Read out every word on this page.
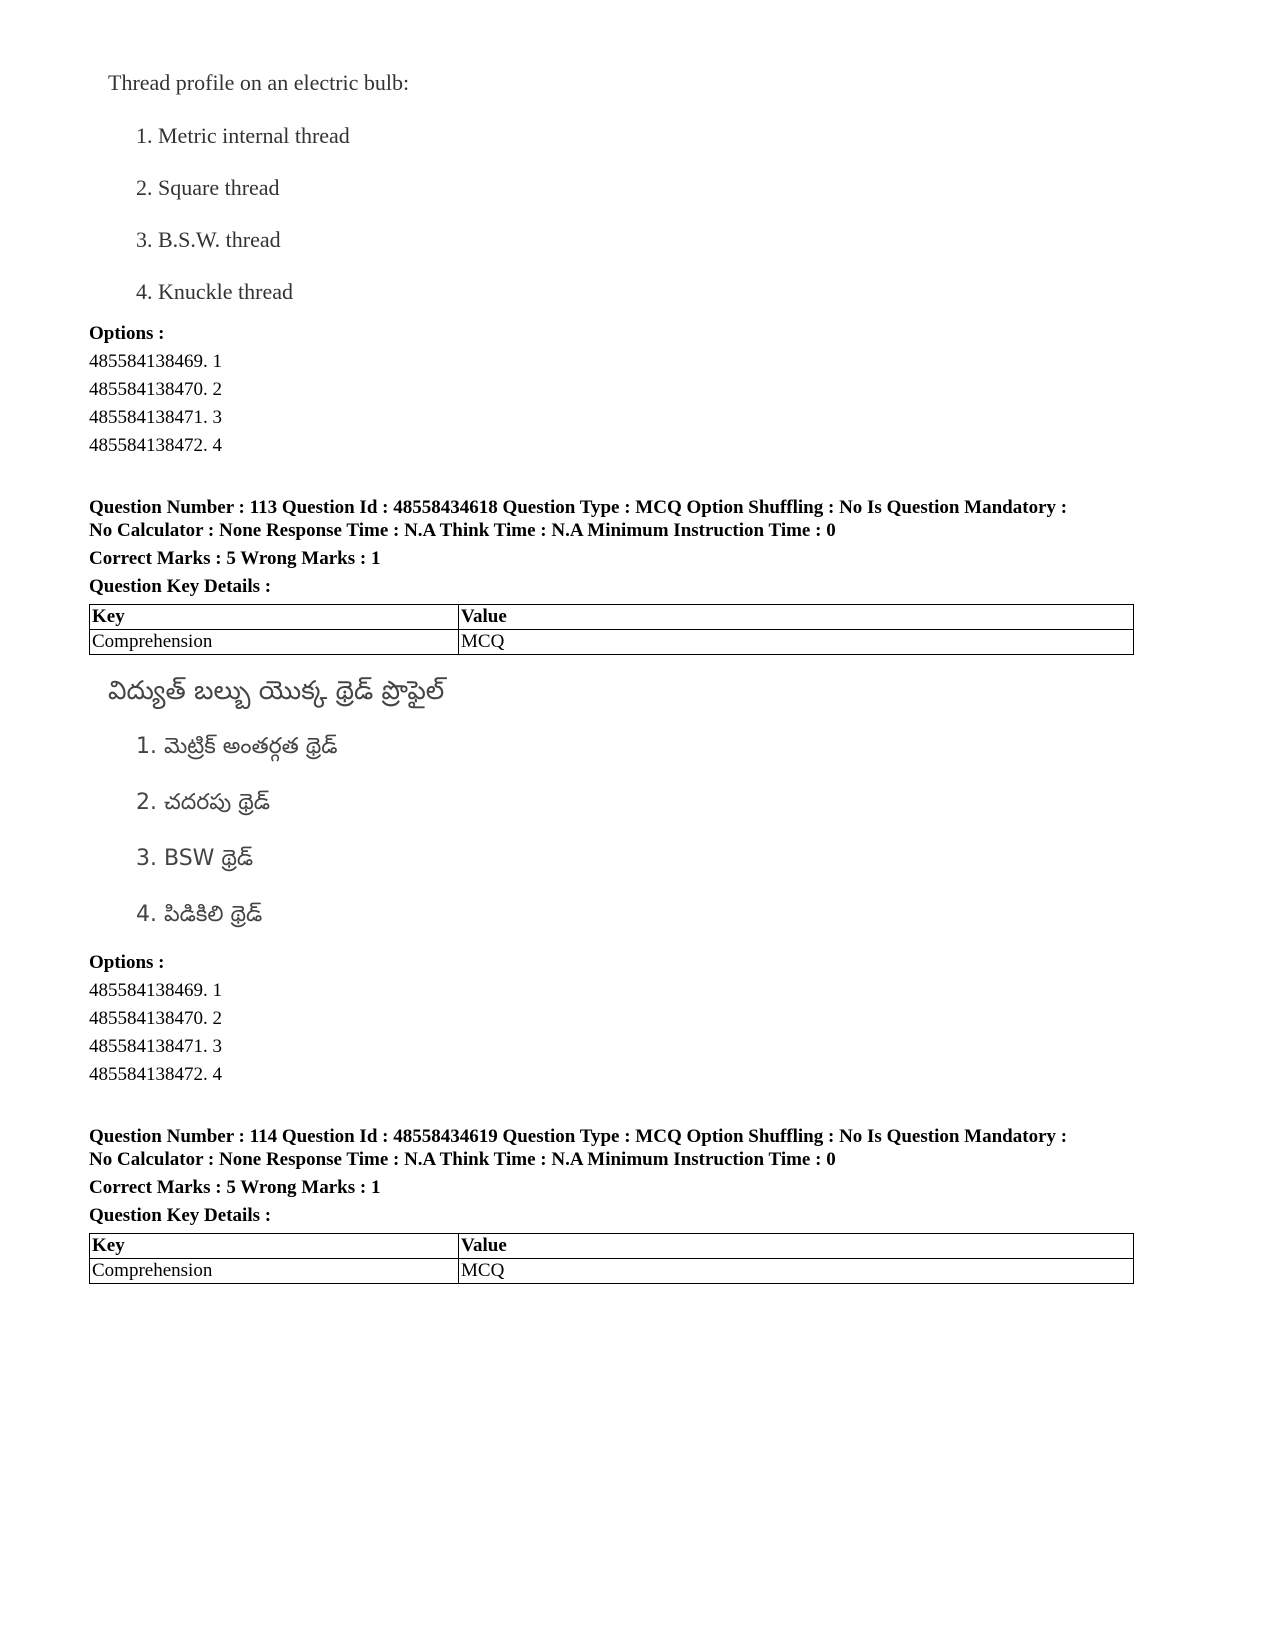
Thread profile on an electric bulb:
1. Metric internal thread
2. Square thread
3. B.S.W. thread
4. Knuckle thread
Options :
485584138469. 1
485584138470. 2
485584138471. 3
485584138472. 4
Question Number : 113 Question Id : 48558434618 Question Type : MCQ Option Shuffling : No Is Question Mandatory :
No Calculator : None Response Time : N.A Think Time : N.A Minimum Instruction Time : 0
Correct Marks : 5 Wrong Marks : 1
Question Key Details :
Key	Value
Comprehension	MCQ
విద్యుత్ బల్బు యొక్క థ్రెడ్ ప్రొఫైల్
1. మెట్రిక్ అంతర్గత థ్రెడ్
2. చదరపు థ్రెడ్
3. BSW థ్రెడ్
4. పిడికిలి థ్రెడ్
Options :
485584138469. 1
485584138470. 2
485584138471. 3
485584138472. 4
Question Number : 114 Question Id : 48558434619 Question Type : MCQ Option Shuffling : No Is Question Mandatory :
No Calculator : None Response Time : N.A Think Time : N.A Minimum Instruction Time : 0
Correct Marks : 5 Wrong Marks : 1
Question Key Details :
Key	Value
Comprehension	MCQ
